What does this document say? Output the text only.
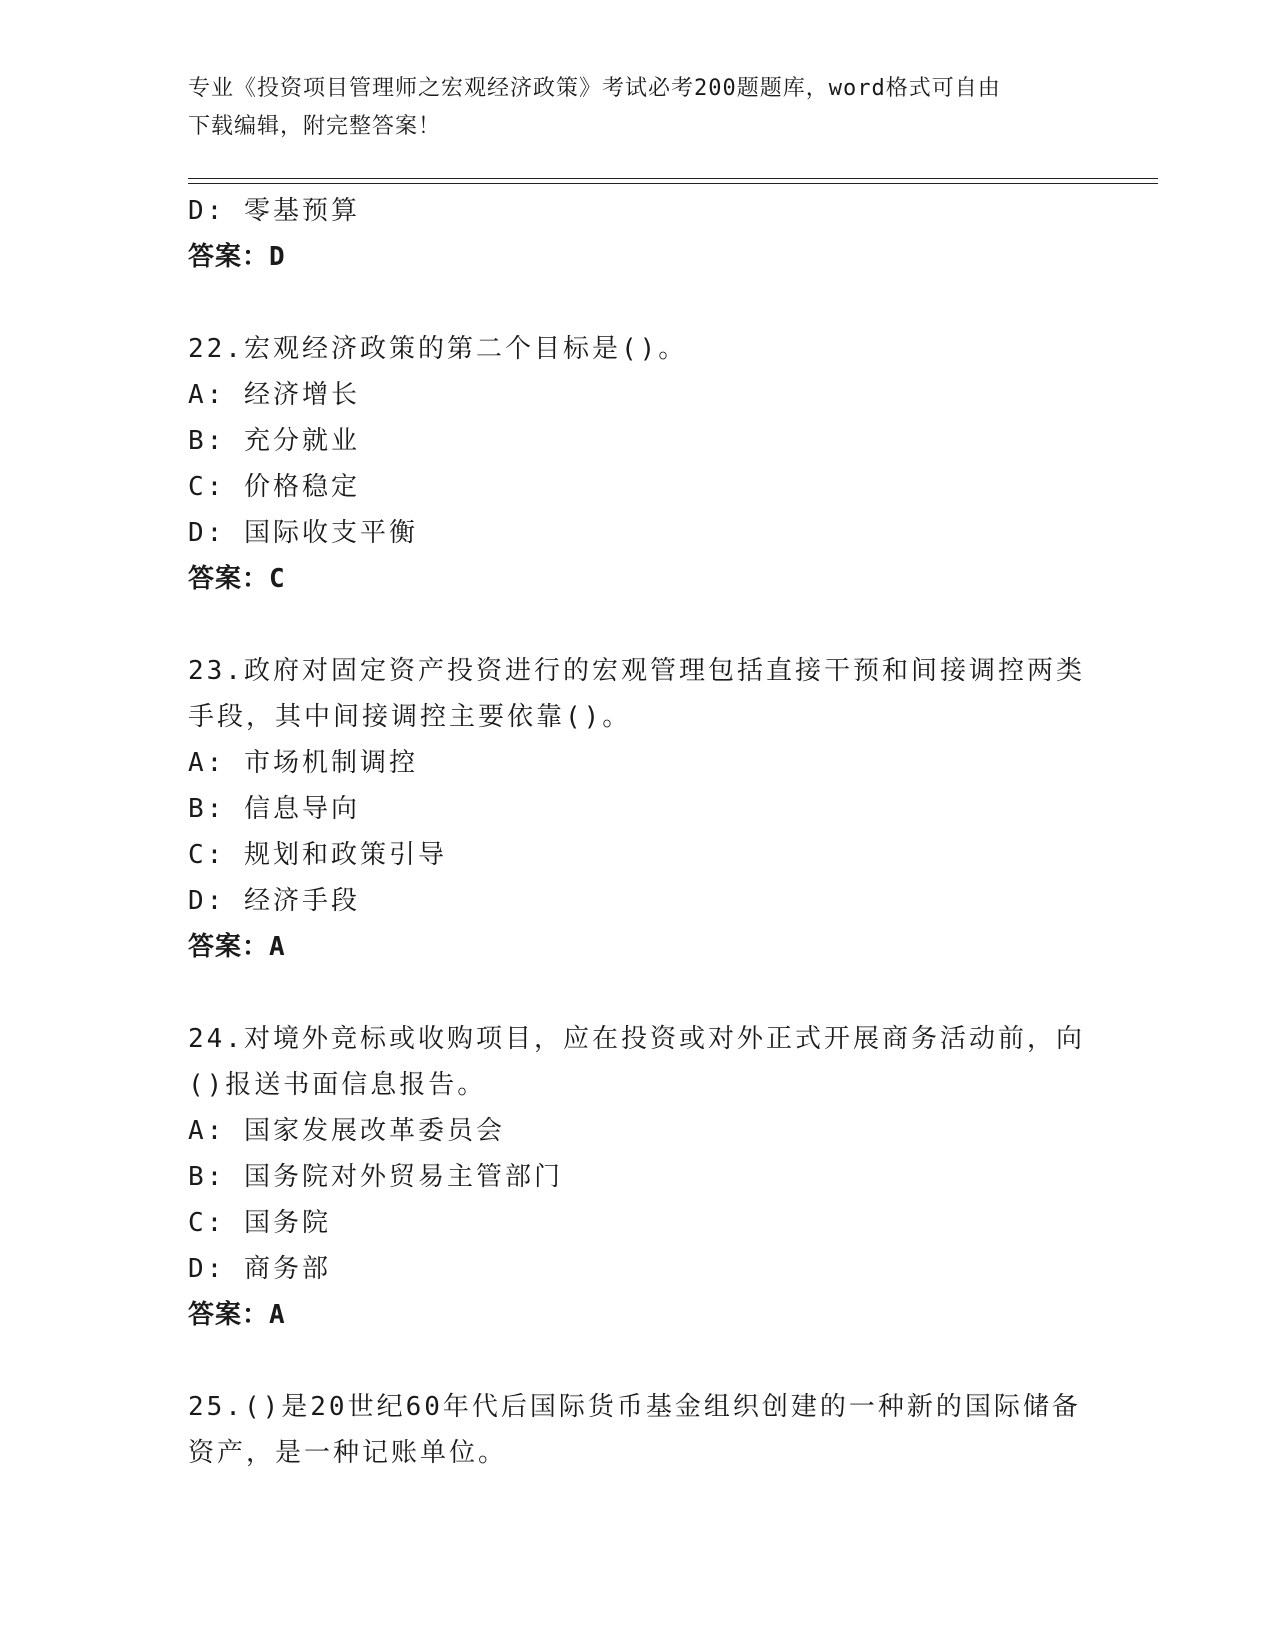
专业《投资项目管理师之宏观经济政策》考试必考200题题库，word格式可自由
下载编辑，附完整答案！
D: 零基预算
答案：D
22.宏观经济政策的第二个目标是()。
A: 经济增长
B: 充分就业
C: 价格稳定
D: 国际收支平衡
答案：C
23.政府对固定资产投资进行的宏观管理包括直接干预和间接调控两类
手段，其中间接调控主要依靠()。
A: 市场机制调控
B: 信息导向
C: 规划和政策引导
D: 经济手段
答案：A
24.对境外竞标或收购项目，应在投资或对外正式开展商务活动前，向
()报送书面信息报告。
A: 国家发展改革委员会
B: 国务院对外贸易主管部门
C: 国务院
D: 商务部
答案：A
25.()是20世纪60年代后国际货币基金组织创建的一种新的国际储备
资产，是一种记账单位。
